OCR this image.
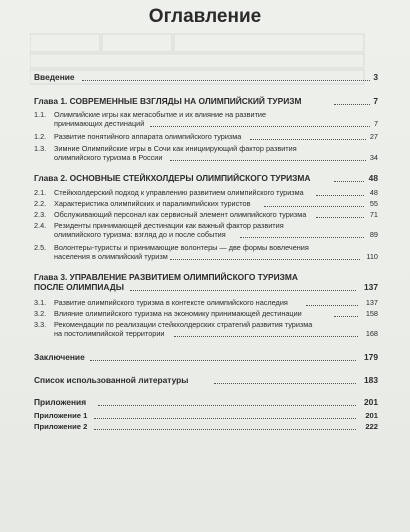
Оглавление
Введение	3
Глава 1. СОВРЕМЕННЫЕ ВЗГЛЯДЫ НА ОЛИМПИЙСКИЙ ТУРИЗМ	7
1.1. Олимпийские игры как мегасобытие и их влияние на развитие
принимающих дестинаций	7
1.2. Развитие понятийного аппарата олимпийского туризма	27
1.3. Зимние Олимпийские игры в Сочи как инициирующий фактор развития
олимпийского туризма в России	34
Глава 2. ОСНОВНЫЕ СТЕЙКХОЛДЕРЫ ОЛИМПИЙСКОГО ТУРИЗМА	48
2.1. Стейкхолдерский подход к управлению развитием олимпийского туризма	48
2.2. Характеристика олимпийских и паралимпийских туристов	55
2.3. Обслуживающий персонал как сервисный элемент олимпийского туризма	71
2.4. Резиденты принимающей дестинации как важный фактор развития
олимпийского туризма: взгляд до и после события	89
2.5. Волонтеры-туристы и принимающие волонтеры — две формы вовлечения
населения в олимпийский туризм	110
Глава 3. УПРАВЛЕНИЕ РАЗВИТИЕМ ОЛИМПИЙСКОГО ТУРИЗМА
ПОСЛЕ ОЛИМПИАДЫ	137
3.1. Развитие олимпийского туризма в контексте олимпийского наследия	137
3.2. Влияние олимпийского туризма на экономику принимающей дестинации	158
3.3. Рекомендации по реализации стейкхолдерских стратегий развития туризма
на постолимпийской территории	168
Заключение	179
Список использованной литературы	183
Приложения	201
Приложение 1	201
Приложение 2	222
